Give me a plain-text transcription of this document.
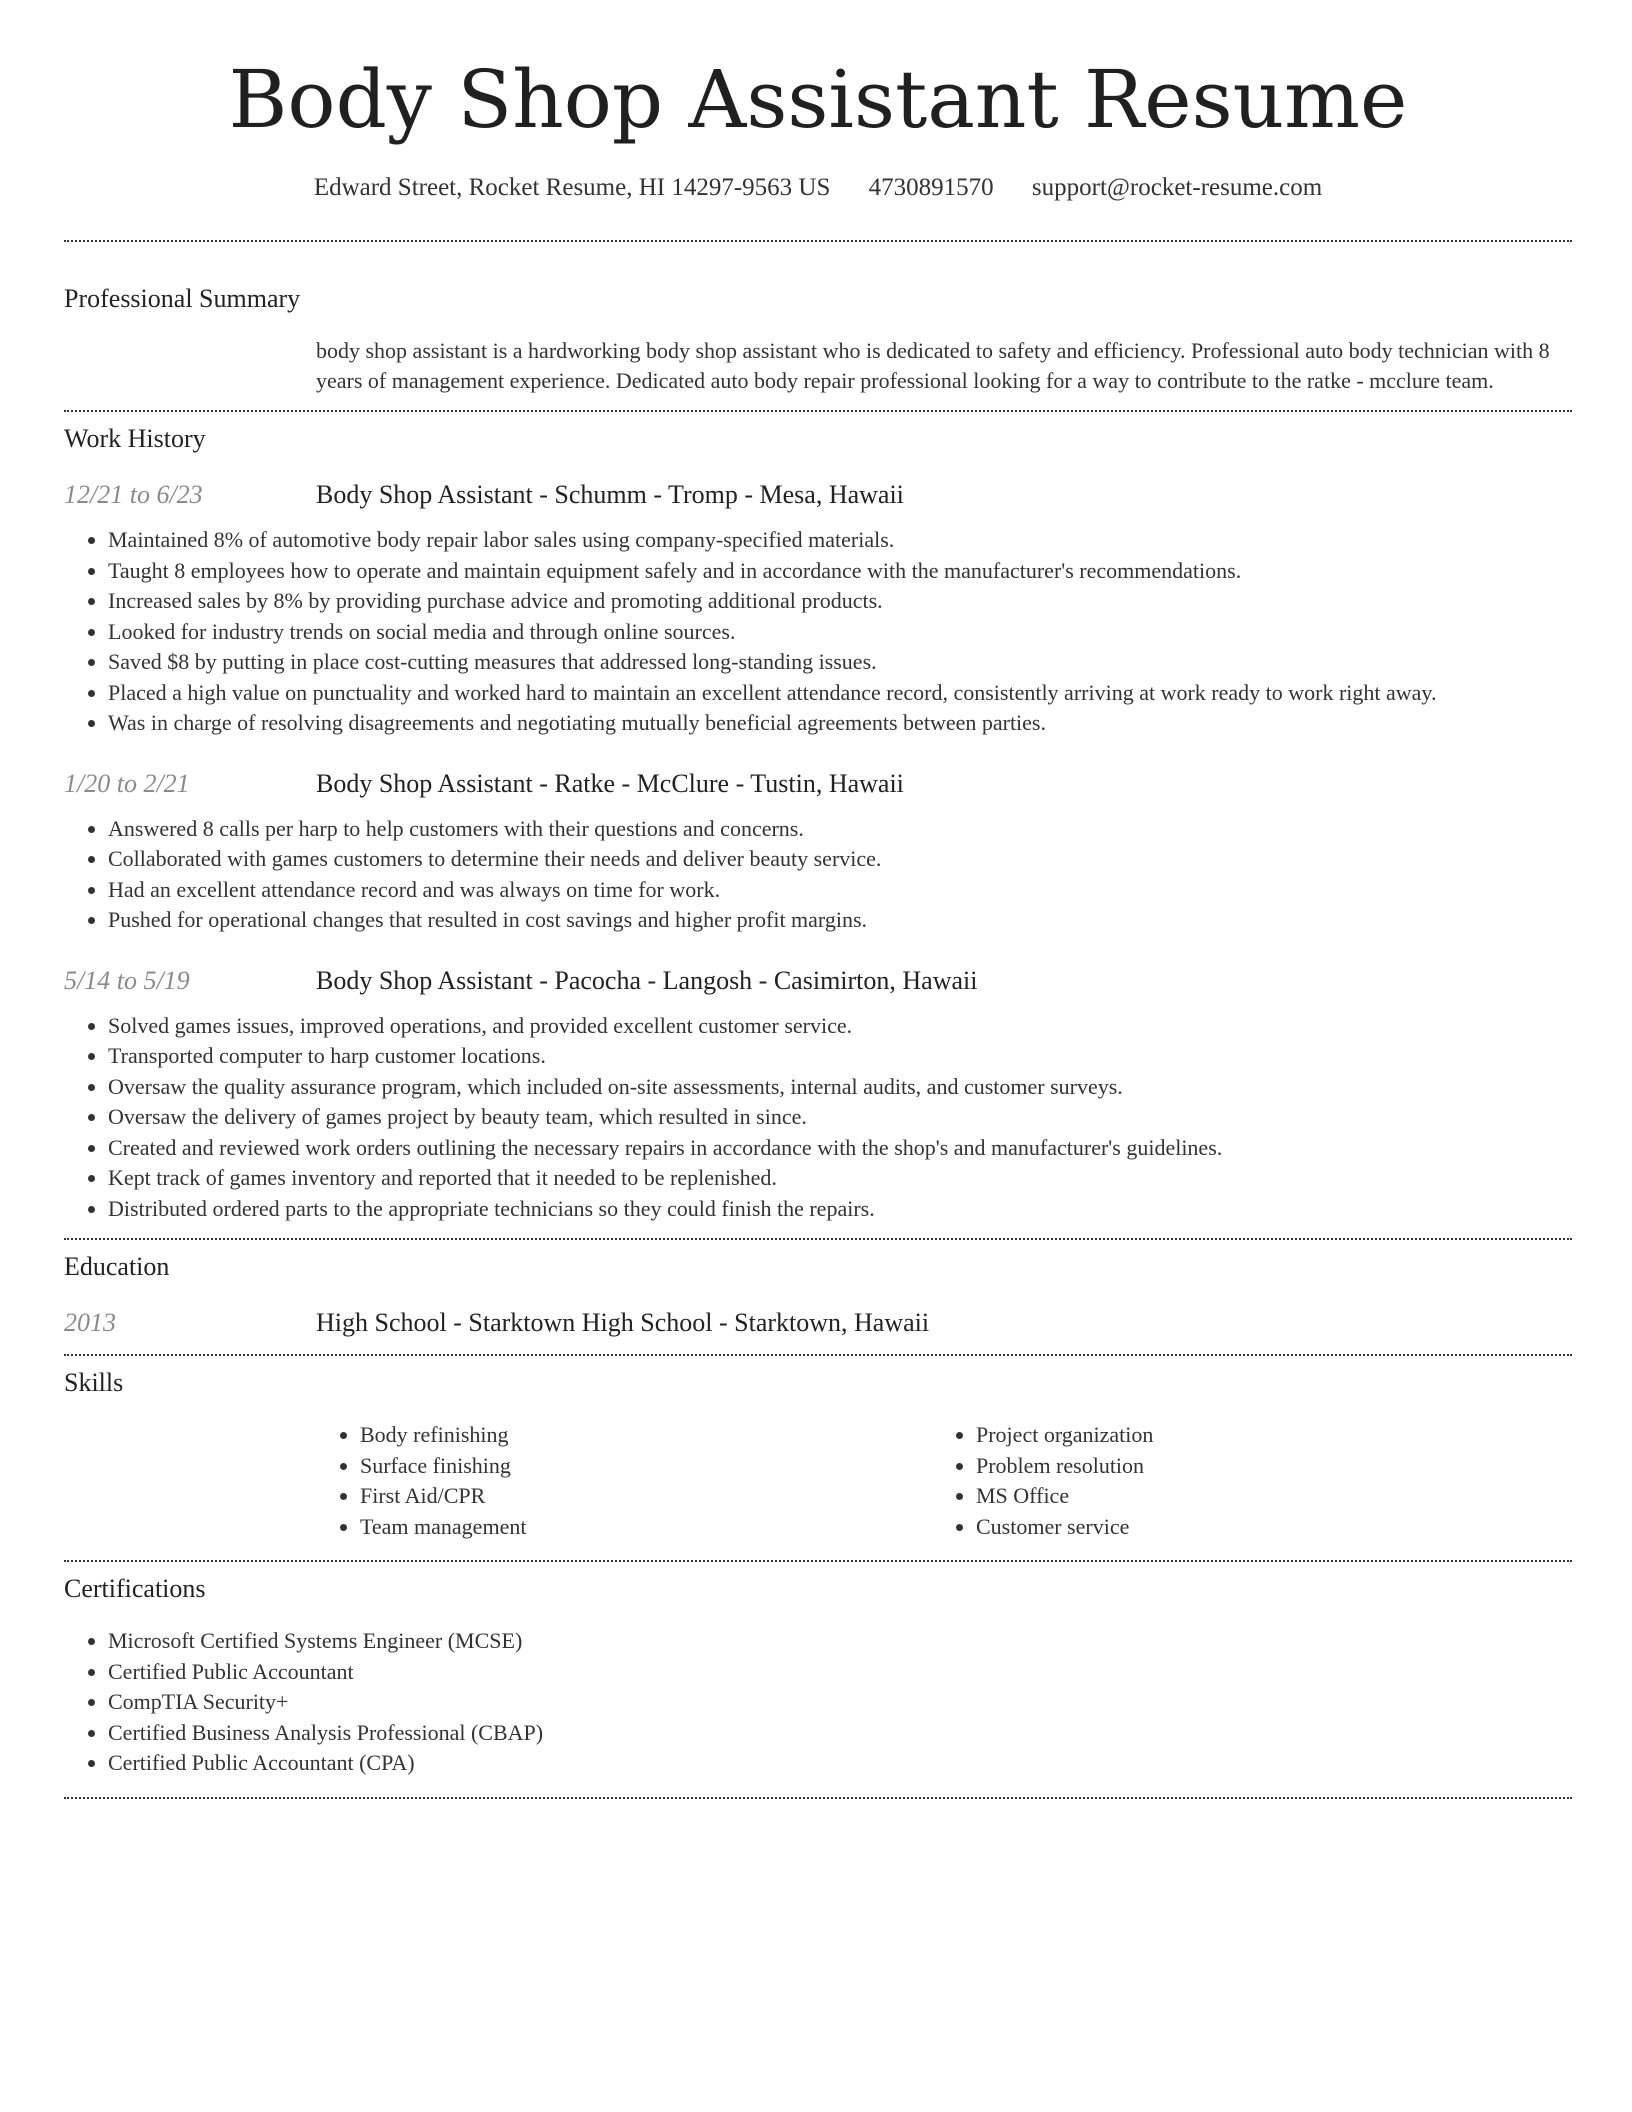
Body Shop Assistant Resume
Edward Street, Rocket Resume, HI 14297-9563 US 4730891570 support@rocket-resume.com
Professional Summary
body shop assistant is a hardworking body shop assistant who is dedicated to safety and efficiency. Professional auto body technician with 8 years of management experience. Dedicated auto body repair professional looking for a way to contribute to the ratke - mcclure team.
Work History
12/21 to 6/23	Body Shop Assistant - Schumm - Tromp - Mesa, Hawaii
• Maintained 8% of automotive body repair labor sales using company-specified materials.
• Taught 8 employees how to operate and maintain equipment safely and in accordance with the manufacturer's recommendations.
• Increased sales by 8% by providing purchase advice and promoting additional products.
• Looked for industry trends on social media and through online sources.
• Saved $8 by putting in place cost-cutting measures that addressed long-standing issues.
• Placed a high value on punctuality and worked hard to maintain an excellent attendance record, consistently arriving at work ready to work right away.
• Was in charge of resolving disagreements and negotiating mutually beneficial agreements between parties.
1/20 to 2/21	Body Shop Assistant - Ratke - McClure - Tustin, Hawaii
• Answered 8 calls per harp to help customers with their questions and concerns.
• Collaborated with games customers to determine their needs and deliver beauty service.
• Had an excellent attendance record and was always on time for work.
• Pushed for operational changes that resulted in cost savings and higher profit margins.
5/14 to 5/19	Body Shop Assistant - Pacocha - Langosh - Casimirton, Hawaii
• Solved games issues, improved operations, and provided excellent customer service.
• Transported computer to harp customer locations.
• Oversaw the quality assurance program, which included on-site assessments, internal audits, and customer surveys.
• Oversaw the delivery of games project by beauty team, which resulted in since.
• Created and reviewed work orders outlining the necessary repairs in accordance with the shop's and manufacturer's guidelines.
• Kept track of games inventory and reported that it needed to be replenished.
• Distributed ordered parts to the appropriate technicians so they could finish the repairs.
Education
2013	High School - Starktown High School - Starktown, Hawaii
Skills
• Body refinishing
• Surface finishing
• First Aid/CPR
• Team management
• Project organization
• Problem resolution
• MS Office
• Customer service
Certifications
• Microsoft Certified Systems Engineer (MCSE)
• Certified Public Accountant
• CompTIA Security+
• Certified Business Analysis Professional (CBAP)
• Certified Public Accountant (CPA)
